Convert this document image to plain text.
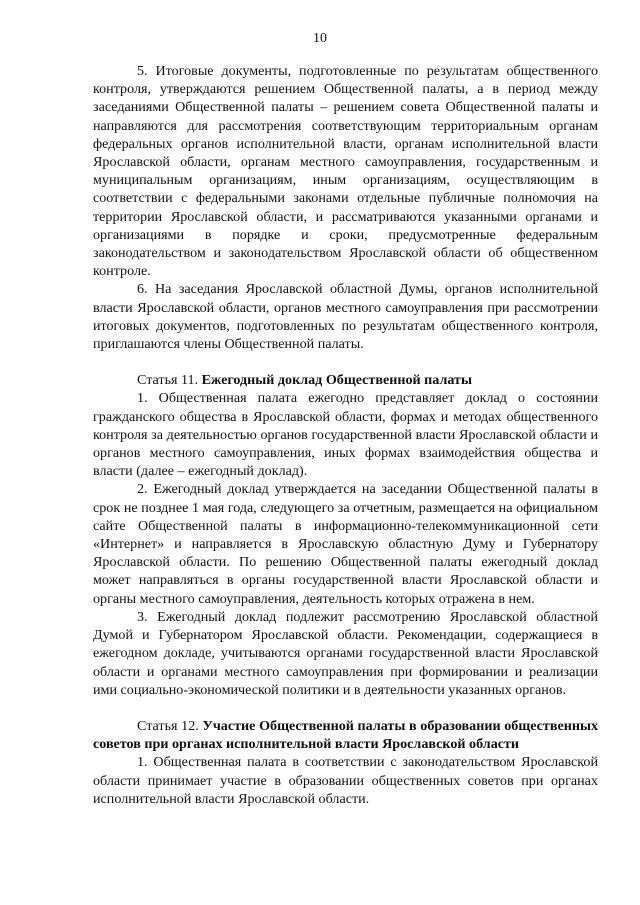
10

5. Итоговые документы, подготовленные по результатам общественного контроля, утверждаются решением Общественной палаты, а в период между заседаниями Общественной палаты – решением совета Общественной палаты и направляются для рассмотрения соответствующим территориальным органам федеральных органов исполнительной власти, органам исполнительной власти Ярославской области, органам местного самоуправления, государственным и муниципальным организациям, иным организациям, осуществляющим в соответствии с федеральными законами отдельные публичные полномочия на территории Ярославской области, и рассматриваются указанными органами и организациями в порядке и сроки, предусмотренные федеральным законодательством и законодательством Ярославской области об общественном контроле.

6. На заседания Ярославской областной Думы, органов исполнительной власти Ярославской области, органов местного самоуправления при рассмотрении итоговых документов, подготовленных по результатам общественного контроля, приглашаются члены Общественной палаты.

Статья 11. Ежегодный доклад Общественной палаты

1. Общественная палата ежегодно представляет доклад о состоянии гражданского общества в Ярославской области, формах и методах общественного контроля за деятельностью органов государственной власти Ярославской области и органов местного самоуправления, иных формах взаимодействия общества и власти (далее – ежегодный доклад).

2. Ежегодный доклад утверждается на заседании Общественной палаты в срок не позднее 1 мая года, следующего за отчетным, размещается на официальном сайте Общественной палаты в информационно-телекоммуникационной сети «Интернет» и направляется в Ярославскую областную Думу и Губернатору Ярославской области. По решению Общественной палаты ежегодный доклад может направляться в органы государственной власти Ярославской области и органы местного самоуправления, деятельность которых отражена в нем.

3. Ежегодный доклад подлежит рассмотрению Ярославской областной Думой и Губернатором Ярославской области. Рекомендации, содержащиеся в ежегодном докладе, учитываются органами государственной власти Ярославской области и органами местного самоуправления при формировании и реализации ими социально-экономической политики и в деятельности указанных органов.

Статья 12. Участие Общественной палаты в образовании общественных советов при органах исполнительной власти Ярославской области

1. Общественная палата в соответствии с законодательством Ярославской области принимает участие в образовании общественных советов при органах исполнительной власти Ярославской области.
